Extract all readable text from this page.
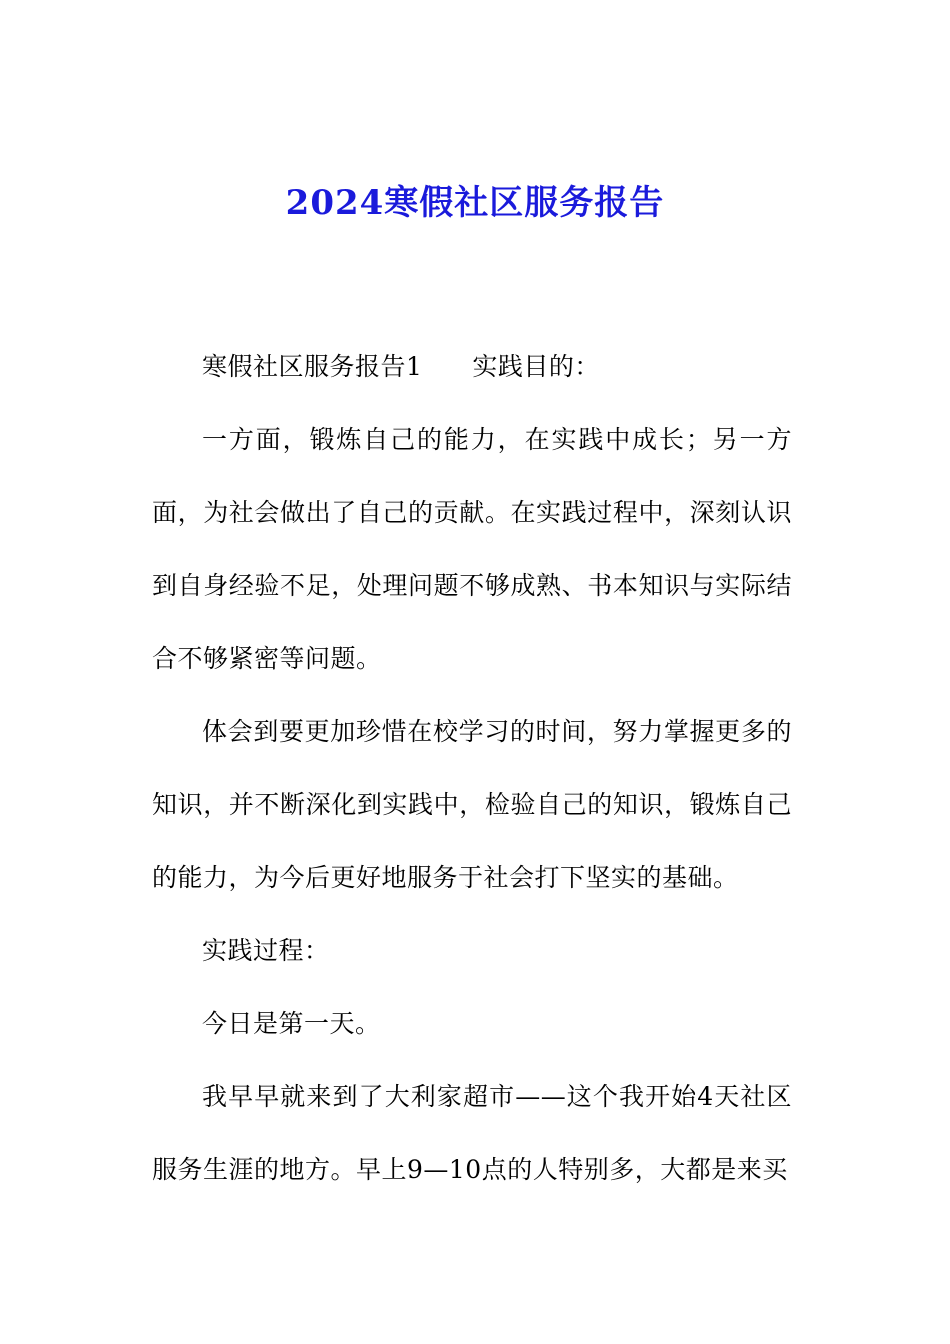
2024寒假社区服务报告

寒假社区服务报告1 实践目的：

一方面，锻炼自己的能力，在实践中成长；另一方面，为社会做出了自己的贡献。在实践过程中，深刻认识到自身经验不足，处理问题不够成熟、书本知识与实际结合不够紧密等问题。

体会到要更加珍惜在校学习的时间，努力掌握更多的知识，并不断深化到实践中，检验自己的知识，锻炼自己的能力，为今后更好地服务于社会打下坚实的基础。

实践过程：

今日是第一天。

我早早就来到了大利家超市——这个我开始4天社区服务生涯的地方。早上9—10点的人特别多，大都是来买
